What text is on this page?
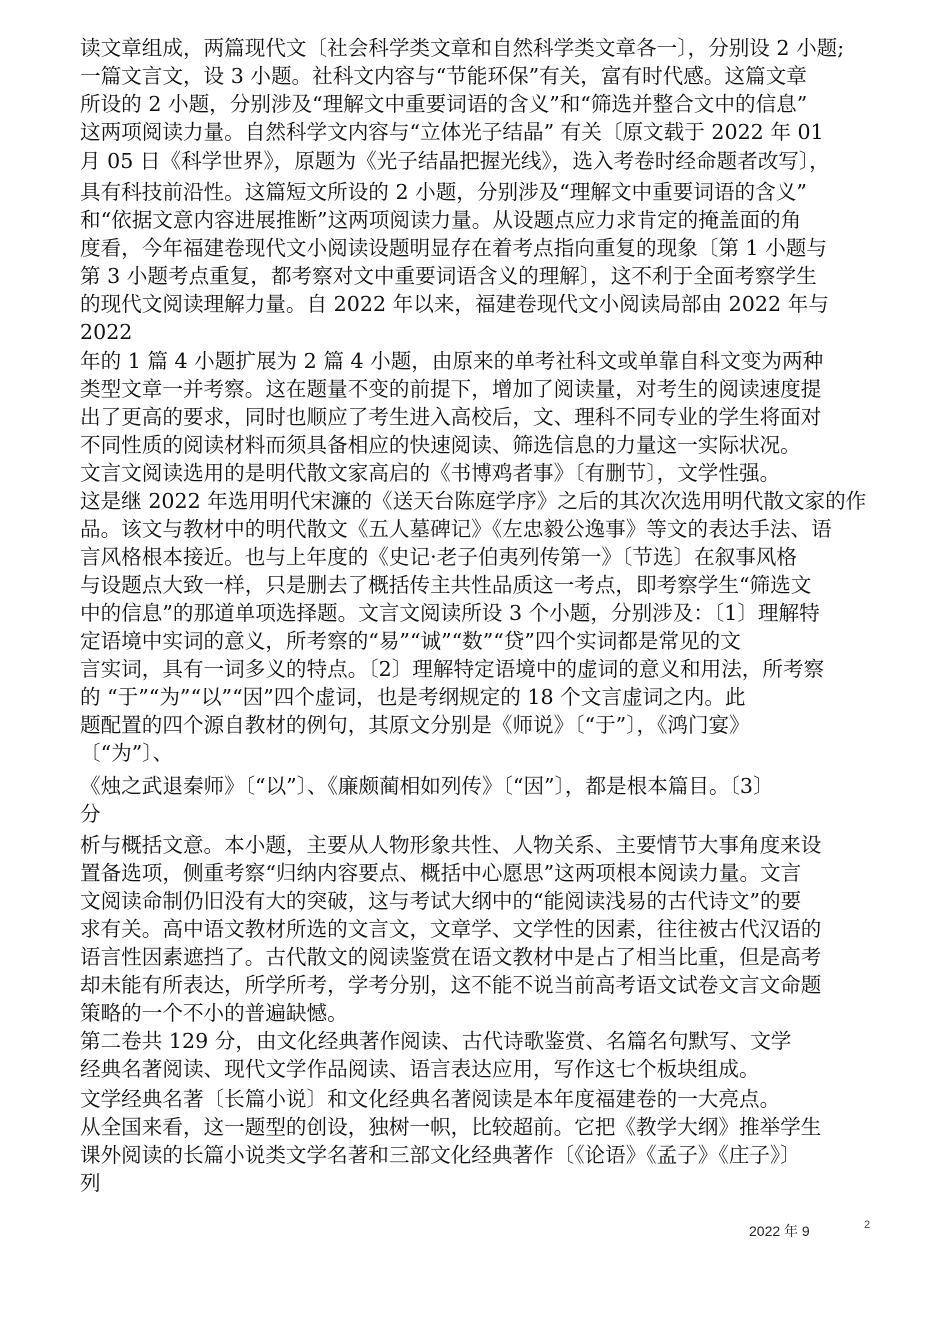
读文章组成，两篇现代文〔社会科学类文章和自然科学类文章各一〕，分别设 2 小题;

一篇文言文，设 3 小题。社科文内容与“节能环保”有关，富有时代感。这篇文章

所设的 2 小题，分别涉及“理解文中重要词语的含义”和“筛选并整合文中的信息”

这两项阅读力量。自然科学文内容与“立体光子结晶” 有关〔原文载于 2022 年 01

月 05 日《科学世界》，原题为《光子结晶把握光线》，选入考卷时经命题者改写〕，

具有科技前沿性。这篇短文所设的 2 小题，分别涉及“理解文中重要词语的含义”

和“依据文意内容进展推断”这两项阅读力量。从设题点应力求肯定的掩盖面的角

度看，今年福建卷现代文小阅读设题明显存在着考点指向重复的现象〔第 1 小题与

第 3 小题考点重复，都考察对文中重要词语含义的理解〕，这不利于全面考察学生

的现代文阅读理解力量。自 2022 年以来，福建卷现代文小阅读局部由 2022 年与

2022

年的 1 篇 4 小题扩展为 2 篇 4 小题，由原来的单考社科文或单靠自科文变为两种

类型文章一并考察。这在题量不变的前提下，增加了阅读量，对考生的阅读速度提

出了更高的要求，同时也顺应了考生进入高校后，文、理科不同专业的学生将面对

不同性质的阅读材料而须具备相应的快速阅读、筛选信息的力量这一实际状况。

文言文阅读选用的是明代散文家高启的《书博鸡者事》〔有删节〕，文学性强。

这是继 2022 年选用明代宋濂的《送天台陈庭学序》之后的其次次选用明代散文家的作

品。该文与教材中的明代散文《五人墓碑记》《左忠毅公逸事》等文的表达手法、语

言风格根本接近。也与上年度的《史记·老子伯夷列传第一》〔节选〕在叙事风格

与设题点大致一样，只是删去了概括传主共性品质这一考点，即考察学生“筛选文

中的信息”的那道单项选择题。文言文阅读所设 3 个小题，分别涉及：〔1〕理解特

定语境中实词的意义，所考察的“易”“诚”“数”“贷”四个实词都是常见的文

言实词，具有一词多义的特点。〔2〕理解特定语境中的虚词的意义和用法，所考察

的 “于”“为”“以”“因”四个虚词，也是考纲规定的 18 个文言虚词之内。此

题配置的四个源自教材的例句，其原文分别是《师说》〔“于”〕，《鸿门宴》

〔“为”〕、

《烛之武退秦师》〔“以”〕、《廉颇蔺相如列传》〔“因”〕，都是根本篇目。〔3〕

分

析与概括文意。本小题，主要从人物形象共性、人物关系、主要情节大事角度来设

置备选项，侧重考察“归纳内容要点、概括中心愿思”这两项根本阅读力量。文言

文阅读命制仍旧没有大的突破，这与考试大纲中的“能阅读浅易的古代诗文”的要

求有关。高中语文教材所选的文言文，文章学、文学性的因素，往往被古代汉语的

语言性因素遮挡了。古代散文的阅读鉴赏在语文教材中是占了相当比重，但是高考

却未能有所表达，所学所考，学考分别，这不能不说当前高考语文试卷文言文命题

策略的一个不小的普遍缺憾。

第二卷共 129 分，由文化经典著作阅读、古代诗歌鉴赏、名篇名句默写、文学

经典名著阅读、现代文学作品阅读、语言表达应用，写作这七个板块组成。

文学经典名著〔长篇小说〕和文化经典名著阅读是本年度福建卷的一大亮点。

从全国来看，这一题型的创设，独树一帜，比较超前。它把《教学大纲》推举学生

课外阅读的长篇小说类文学名著和三部文化经典著作〔《论语》《孟子》《庄子》〕

列

2022 年 9	2
